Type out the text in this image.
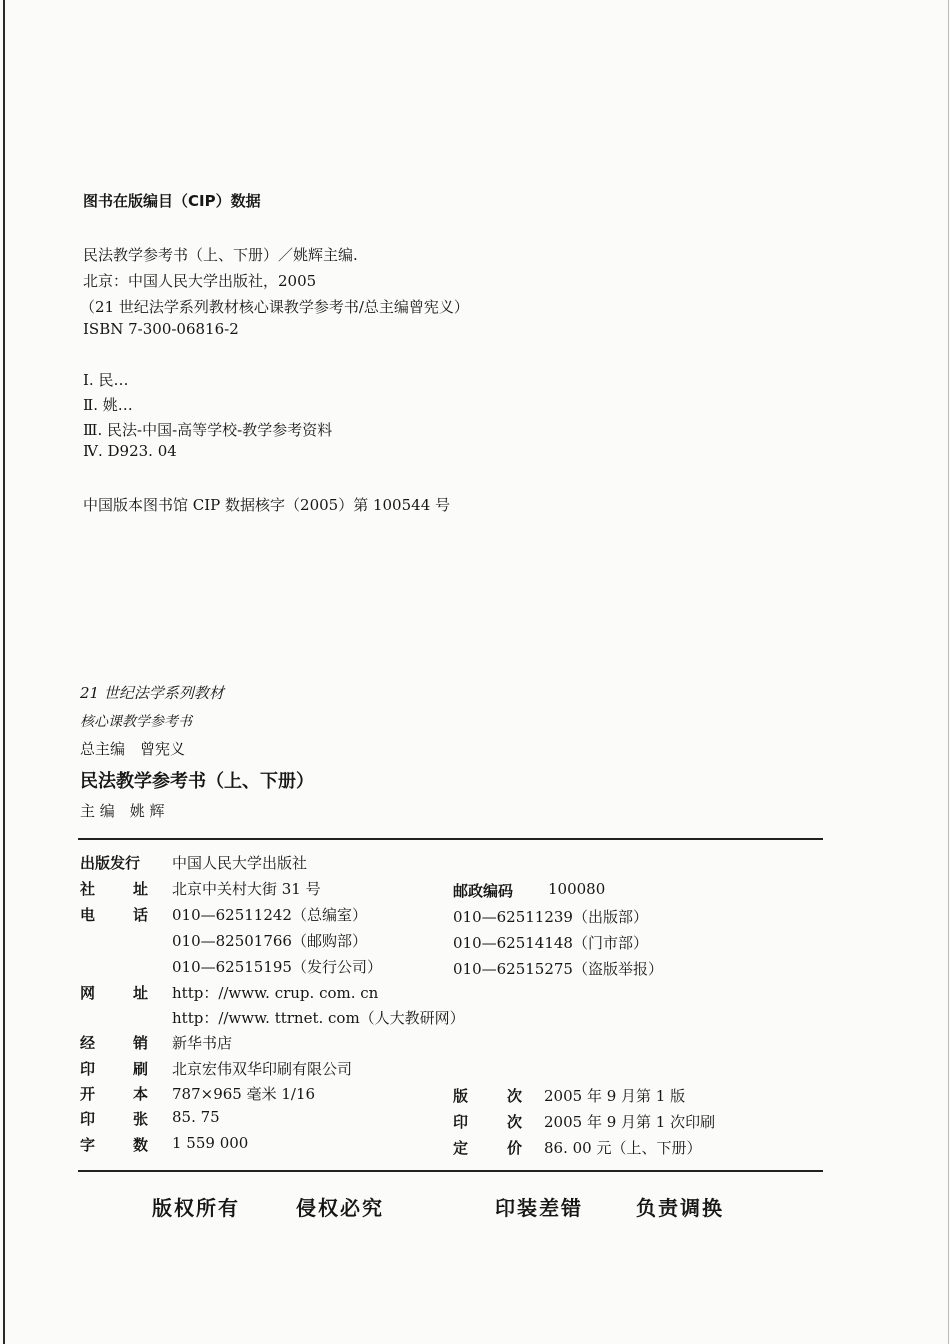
图书在版编目（CIP）数据
民法教学参考书（上、下册）／姚辉主编.
北京：中国人民大学出版社，2005
（21 世纪法学系列教材核心课教学参考书/总主编曾宪义）
ISBN 7-300-06816-2
Ⅰ. 民…
Ⅱ. 姚…
Ⅲ. 民法-中国-高等学校-教学参考资料
Ⅳ. D923. 04
中国版本图书馆 CIP 数据核字（2005）第 100544 号
21 世纪法学系列教材
核心课教学参考书
总主编　曾宪义
民法教学参考书（上、下册）
主 编　姚 辉
出版发行 中国人民大学出版社
社	址 北京中关村大街 31 号	邮政编码 100080
电	话 010—62511242（总编室）	010—62511239（出版部）
010—82501766（邮购部）	010—62514148（门市部）
010—62515195（发行公司）	010—62515275（盗版举报）
网	址 http：//www. crup. com. cn
http：//www. ttrnet. com（人大教研网）
经	销 新华书店
印	刷 北京宏伟双华印刷有限公司
开	本 787×965 毫米 1/16	版	次 2005 年 9 月第 1 版
印	张 85. 75	印	次 2005 年 9 月第 1 次印刷
字	数 1 559 000	定	价 86. 00 元（上、下册）
版权所有	侵权必究	印装差错	负责调换
